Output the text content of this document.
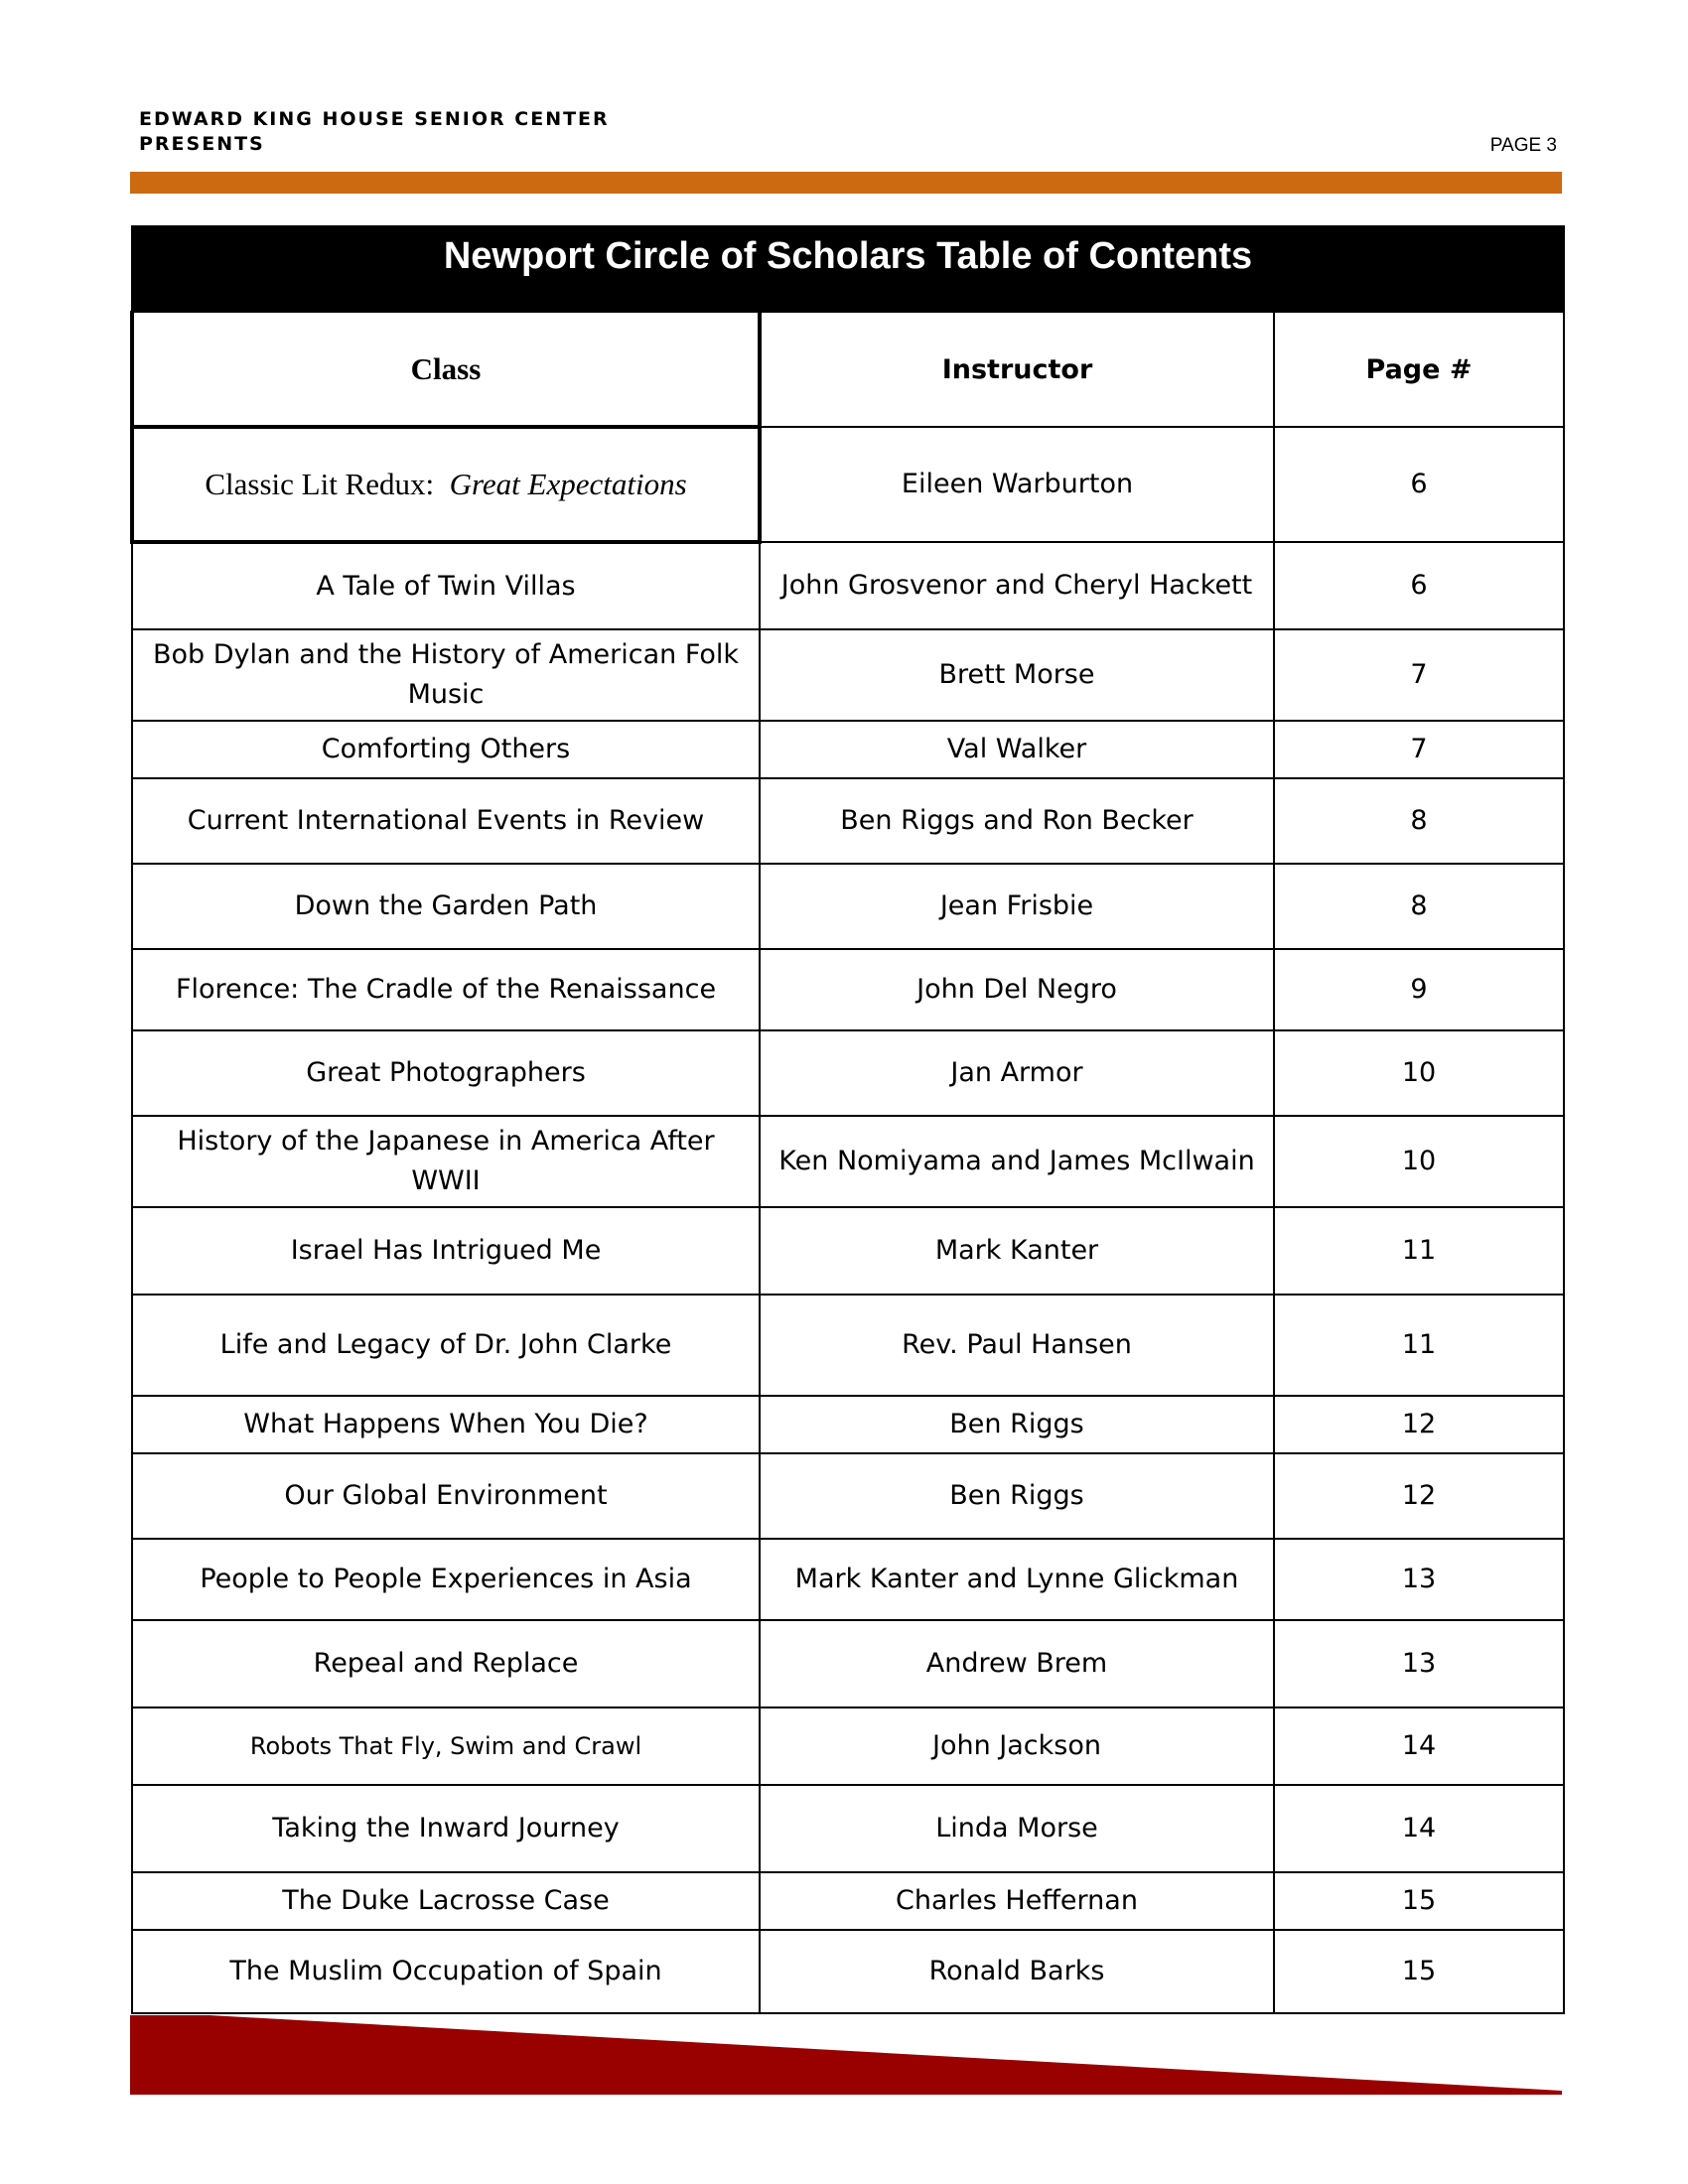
EDWARD KING HOUSE SENIOR CENTER
PRESENTS	PAGE 3
Newport Circle of Scholars Table of Contents		
Class	Instructor	Page #
Classic Lit Redux: Great Expectations	Eileen Warburton	6
A Tale of Twin Villas	John Grosvenor and Cheryl Hackett	6
Bob Dylan and the History of American Folk Music	Brett Morse	7
Comforting Others	Val Walker	7
Current International Events in Review	Ben Riggs and Ron Becker	8
Down the Garden Path	Jean Frisbie	8
Florence: The Cradle of the Renaissance	John Del Negro	9
Great Photographers	Jan Armor	10
History of the Japanese in America After WWII	Ken Nomiyama and James McIlwain	10
Israel Has Intrigued Me	Mark Kanter	11
Life and Legacy of Dr. John Clarke	Rev. Paul Hansen	11
What Happens When You Die?	Ben Riggs	12
Our Global Environment	Ben Riggs	12
People to People Experiences in Asia	Mark Kanter and Lynne Glickman	13
Repeal and Replace	Andrew Brem	13
Robots That Fly, Swim and Crawl	John Jackson	14
Taking the Inward Journey	Linda Morse	14
The Duke Lacrosse Case	Charles Heffernan	15
The Muslim Occupation of Spain	Ronald Barks	15
